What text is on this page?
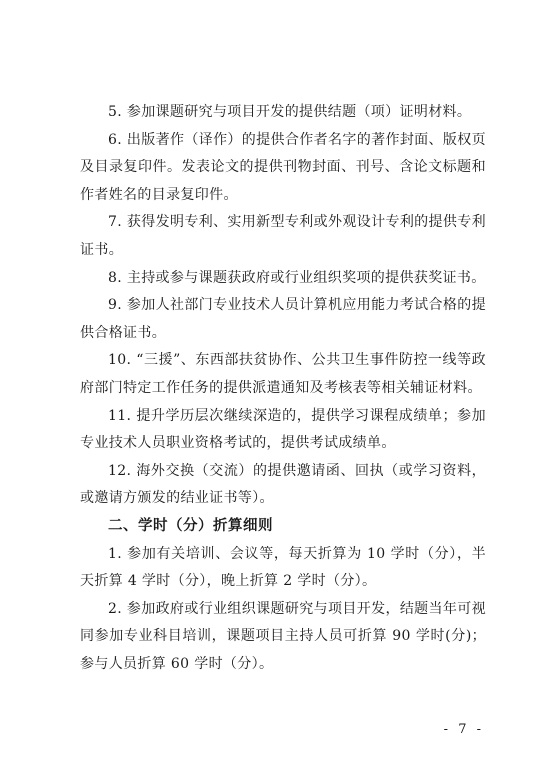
5. 参加课题研究与项目开发的提供结题（项）证明材料。

6. 出版著作（译作）的提供合作者名字的著作封面、版权页及目录复印件。发表论文的提供刊物封面、刊号、含论文标题和作者姓名的目录复印件。

7. 获得发明专利、实用新型专利或外观设计专利的提供专利证书。

8. 主持或参与课题获政府或行业组织奖项的提供获奖证书。

9. 参加人社部门专业技术人员计算机应用能力考试合格的提供合格证书。

10. “三援”、东西部扶贫协作、公共卫生事件防控一线等政府部门特定工作任务的提供派遣通知及考核表等相关辅证材料。

11. 提升学历层次继续深造的，提供学习课程成绩单；参加专业技术人员职业资格考试的，提供考试成绩单。

12. 海外交换（交流）的提供邀请函、回执（或学习资料，或邀请方颁发的结业证书等）。

二、学时（分）折算细则

1. 参加有关培训、会议等，每天折算为 10 学时（分），半天折算 4 学时（分），晚上折算 2 学时（分）。

2. 参加政府或行业组织课题研究与项目开发，结题当年可视同参加专业科目培训，课题项目主持人员可折算 90 学时(分)；参与人员折算 60 学时（分）。

- 7 -
